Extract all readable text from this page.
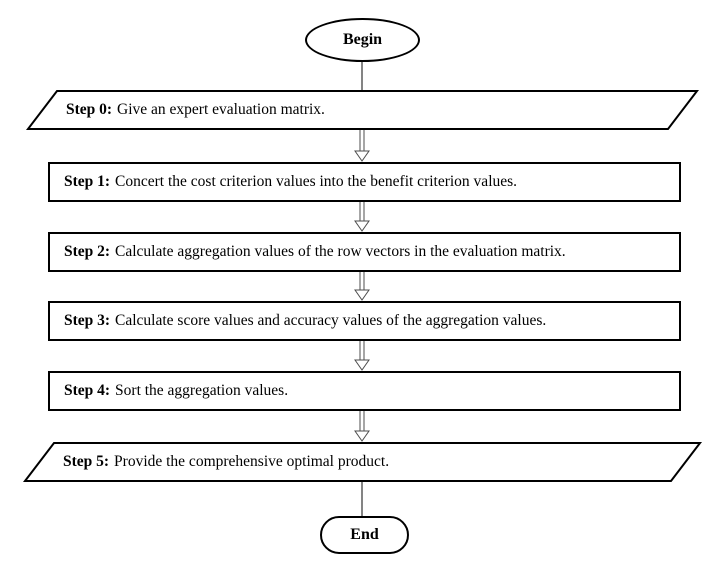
Begin
Step 0: Give an expert evaluation matrix.
Step 1: Concert the cost criterion values into the benefit criterion values.
Step 2: Calculate aggregation values of the row vectors in the evaluation matrix.
Step 3: Calculate score values and accuracy values of the aggregation values.
Step 4: Sort the aggregation values.
Step 5: Provide the comprehensive optimal product.
End
